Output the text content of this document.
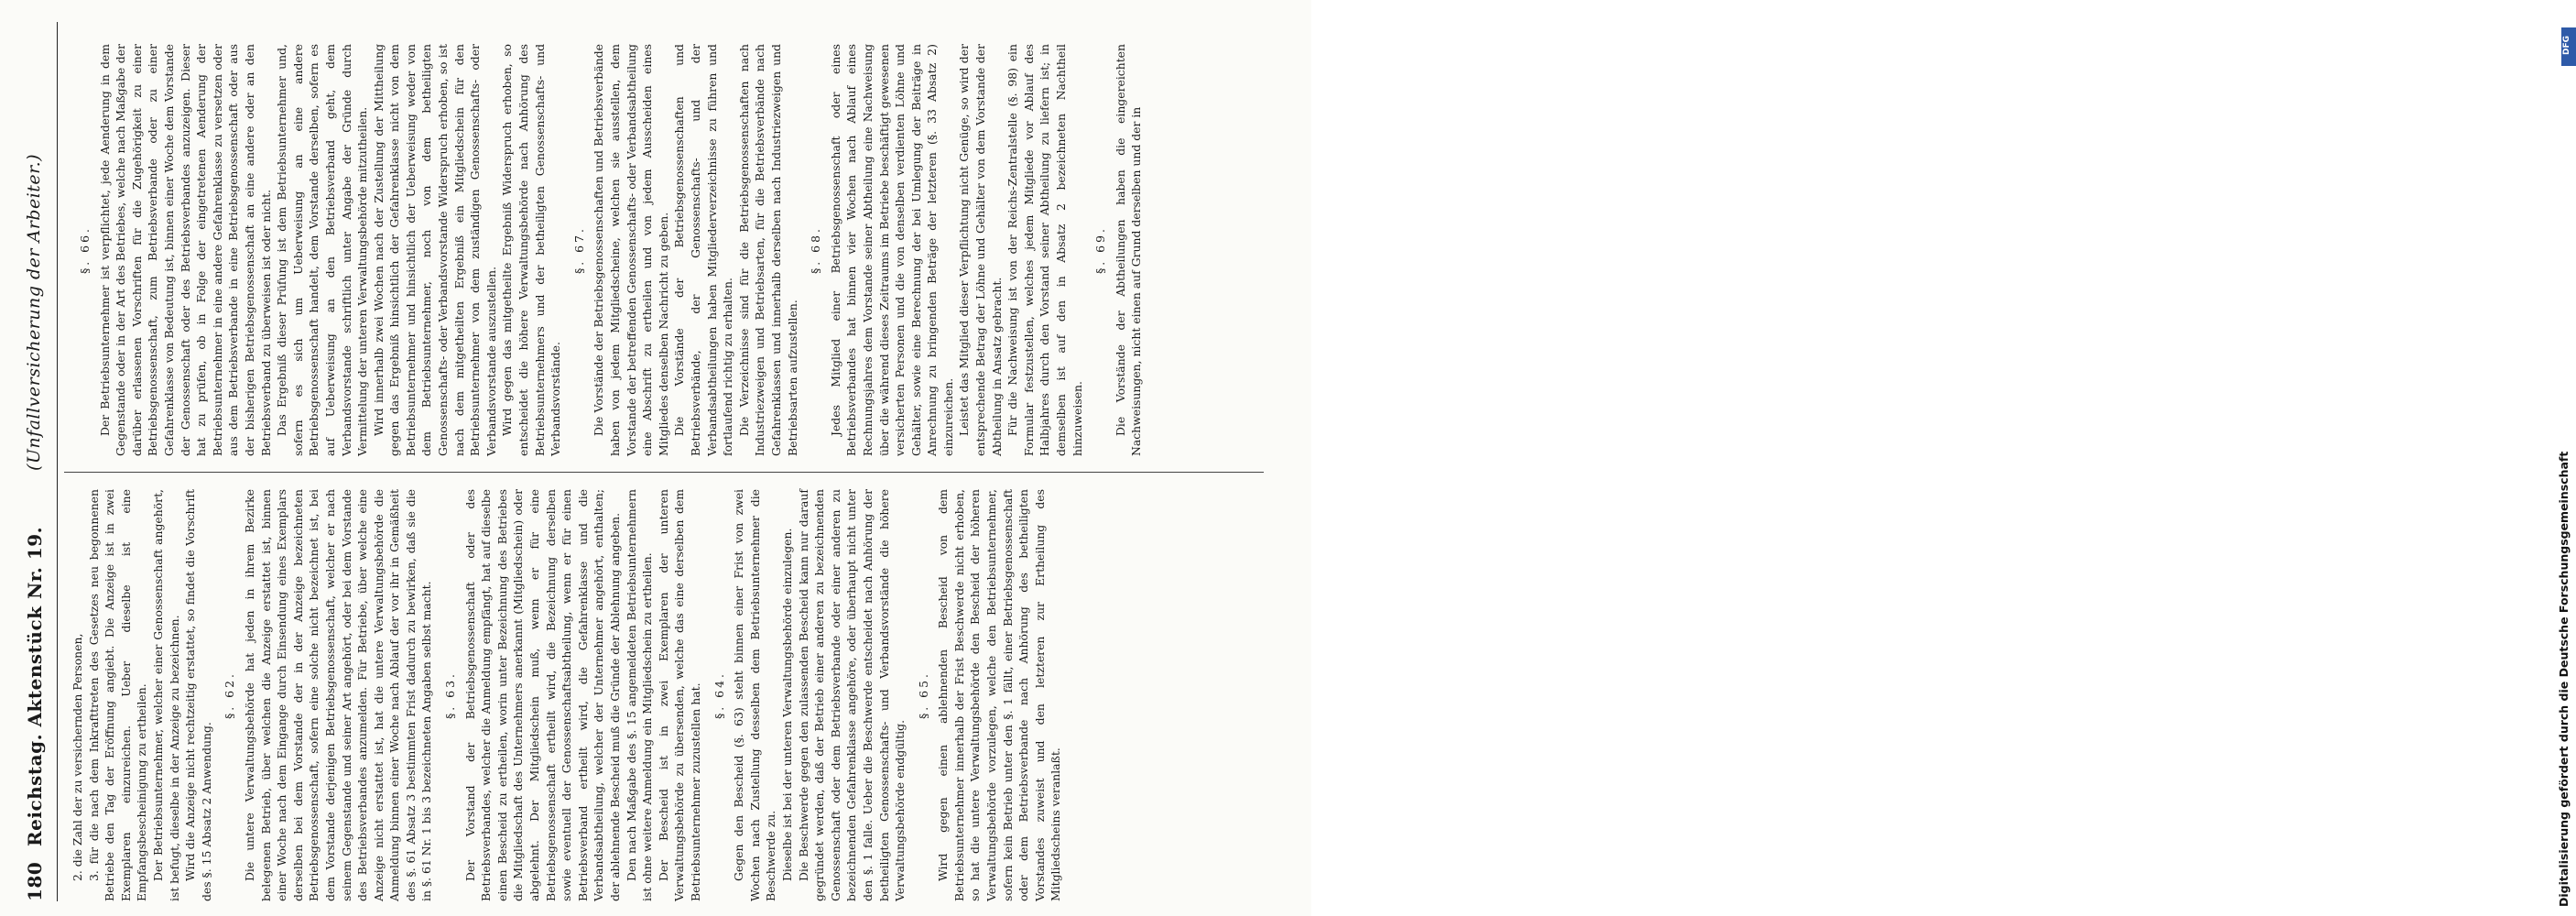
180
Reichstag. Aktenstück Nr. 19.
(Unfallversicherung der Arbeiter.)
2. die Zahl der zu versichernden Personen, 3. für die nach dem Inkrafttreten des Gesetzes neu begonnenen Betriebe den Tag der Eröffnung angiebt. Die Anzeige ist in zwei Exemplaren einzureichen. Ueber dieselbe ist eine Empfangsbescheinigung zu ertheilen. Der Betriebsunternehmer, welcher einer Genossenschaft angehört, ist befugt, dieselbe in der Anzeige zu bezeichnen. Wird die Anzeige nicht rechtzeitig erstattet, so findet die Vorschrift des §. 15 Absatz 2 Anwendung.
§. 62. Die untere Verwaltungsbehörde hat jeden in ihrem Bezirke belegenen Betrieb, über welchen die Anzeige erstattet ist, binnen einer Woche nach dem Eingange durch Einsendung eines Exemplars derselben bei dem Vorstande der in der Anzeige bezeichneten Betriebsgenossenschaft, sofern eine solche nicht bezeichnet ist, bei dem Vorstande derjenigen Betriebsgenossenschaft, welcher er nach seinem Gegenstande und seiner Art angehört, oder bei dem Vorstande des Betriebsverbandes anzumelden. Für Betriebe, über welche eine Anzeige nicht erstattet ist, hat die untere Verwaltungsbehörde die Anmeldung binnen einer Woche nach Ablauf der vor ihr in Gemäßheit des §. 61 Absatz 3 bestimmten Frist dadurch zu bewirken, daß sie die in §. 61 Nr. 1 bis 3 bezeichneten Angaben selbst macht. §. 63. Der Vorstand der Betriebsgenossenschaft oder des Betriebsverbandes, welcher die Anmeldung empfängt, hat auf dieselbe einen Bescheid zu ertheilen, worin unter Bezeichnung des Betriebes die Mitgliedschaft des Unternehmers anerkannt (Mitgliedschein) oder abgelehnt. Der Mitgliedschein muß, wenn er für eine Betriebsgenossenschaft ertheilt wird, die Bezeichnung derselben sowie eventuell der Genossenschaftsabtheilung, wenn er für einen Betriebsverband ertheilt wird, die Gefahrenklasse und die Verbandsabtheilung, welcher der Unternehmer angehört, enthalten; der ablehnende Bescheid muß die Gründe der Ablehnung angeben. Den nach Maßgabe des §. 15 angemeldeten Betriebsunternehmern ist ohne weitere Anmeldung ein Mitgliedschein zu ertheilen. Der Bescheid ist in zwei Exemplaren der unteren Verwaltungsbehörde zu übersenden, welche das eine derselben dem Betriebsunternehmer zuzustellen hat. §. 64. Gegen den Bescheid (§. 63) steht binnen einer Frist von zwei Wochen nach Zustellung desselben dem Betriebsunternehmer die Beschwerde zu. Dieselbe ist bei der unteren Verwaltungsbehörde einzulegen. Die Beschwerde gegen den zulassenden Bescheid kann nur darauf gegründet werden, daß der Betrieb einer anderen zu bezeichnenden Genossenschaft oder dem Betriebsverbande oder einer anderen zu bezeichnenden Gefahrenklasse angehöre, oder überhaupt nicht unter den §. 1 falle. Ueber die Beschwerde entscheidet nach Anhörung der betheiligten Genossenschafts- und Verbandsvorstände die höhere Verwaltungsbehörde endgültig.
§. 65. Wird gegen einen ablehnenden Bescheid von dem Betriebsunternehmer innerhalb der Frist Beschwerde nicht erhoben, so hat die untere Verwaltungsbehörde den Bescheid der höheren Verwaltungsbehörde vorzulegen, welche den Betriebsunternehmer, sofern kein Betrieb unter den §. 1 fällt, einer Betriebsgenossenschaft oder dem Betriebsverbande nach Anhörung des betheiligten Vorstandes zuweist und den letzteren zur Ertheilung des Mitgliedscheins veranlaßt.
§. 66. Der Betriebsunternehmer ist verpflichtet, jede Aenderung in dem Gegenstande oder in der Art des Betriebes, welche nach Maßgabe der darüber erlassenen Vorschriften für die Zugehörigkeit zu einer Betriebsgenossenschaft, zum Betriebsverbande oder zu einer Gefahrenklasse von Bedeutung ist, binnen einer Woche dem Vorstande der Genossenschaft oder des Betriebsverbandes anzuzeigen. Dieser hat zu prüfen, ob in Folge der eingetretenen Aenderung der Betriebsunternehmer in eine andere Gefahrenklasse zu versetzen oder aus dem Betriebsverbande in eine Betriebsgenossenschaft oder aus der bisherigen Betriebsgenossenschaft an eine andere oder an den Betriebsverband zu überweisen ist oder nicht. Das Ergebniß dieser Prüfung ist dem Betriebsunternehmer und, sofern es sich um Ueberweisung an eine andere Betriebsgenossenschaft handelt, dem Vorstande derselben, sofern es auf Ueberweisung an den Betriebsverband geht, dem Verbandsvorstande schriftlich unter Angabe der Gründe durch Vermittelung der unteren Verwaltungsbehörde mitzutheilen. Wird innerhalb zwei Wochen nach der Zustellung der Mittheilung gegen das Ergebniß hinsichtlich der Gefahrenklasse nicht von dem Betriebsunternehmer und hinsichtlich der Ueberweisung weder von dem Betriebsunternehmer, noch von dem betheiligten Genossenschafts- oder Verbandsvorstande Widerspruch erhoben, so ist nach dem mitgetheilten Ergebniß ein Mitgliedschein für den Betriebsunternehmer von dem zuständigen Genossenschafts- oder Verbandsvorstande auszustellen. Wird gegen das mitgetheilte Ergebniß Widerspruch erhoben, so entscheidet die höhere Verwaltungsbehörde nach Anhörung des Betriebsunternehmers und der betheiligten Genossenschafts- und Verbandsvorstände.
§. 67. Die Vorstände der Betriebsgenossenschaften und Betriebsverbände haben von jedem Mitgliedscheine, welchen sie ausstellen, dem Vorstande der betreffenden Genossenschafts- oder Verbandsabtheilung eine Abschrift zu ertheilen und von jedem Ausscheiden eines Mitgliedes denselben Nachricht zu geben. Die Vorstände der Betriebsgenossenschaften und Betriebsverbände, der Genossenschafts- und der Verbandsabtheilungen haben Mitgliederverzeichnisse zu führen und fortlaufend richtig zu erhalten. Die Verzeichnisse sind für die Betriebsgenossenschaften nach Industriezweigen und Betriebsarten, für die Betriebsverbände nach Gefahrenklassen und innerhalb derselben nach Industriezweigen und Betriebsarten aufzustellen.
§. 68. Jedes Mitglied einer Betriebsgenossenschaft oder eines Betriebsverbandes hat binnen vier Wochen nach Ablauf eines Rechnungsjahres dem Vorstande seiner Abtheilung eine Nachweisung über die während dieses Zeitraums im Betriebe beschäftigt gewesenen versicherten Personen und die von denselben verdienten Löhne und Gehälter, sowie eine Berechnung der bei Umlegung der Beiträge in Anrechnung zu bringenden Beträge der letzteren (§. 33 Absatz 2) einzureichen. Leistet das Mitglied dieser Verpflichtung nicht Genüge, so wird der entsprechende Betrag der Löhne und Gehälter von dem Vorstande der Abtheilung in Ansatz gebracht. Für die Nachweisung ist von der Reichs-Zentralstelle (§. 98) ein Formular festzustellen, welches jedem Mitgliede vor Ablauf des Halbjahres durch den Vorstand seiner Abtheilung zu liefern ist; in demselben ist auf den in Absatz 2 bezeichneten Nachtheil hinzuweisen.
§. 69. Die Vorstände der Abtheilungen haben die eingereichten Nachweisungen, nicht einen auf Grund derselben und der in
Digitalisierung gefördert durch die Deutsche Forschungsgemeinschaft
DFG
